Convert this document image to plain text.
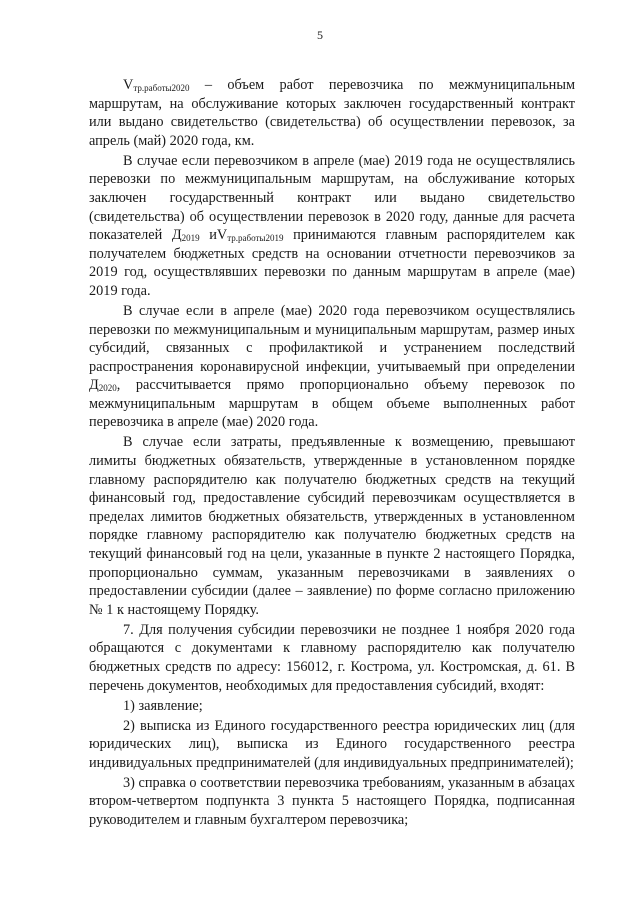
5

$V_{тр.работы2020}$ – объем работ перевозчика по межмуниципальным маршрутам, на обслуживание которых заключен государственный контракт или выдано свидетельство (свидетельства) об осуществлении перевозок, за апрель (май) 2020 года, км.

В случае если перевозчиком в апреле (мае) 2019 года не осуществлялись перевозки по межмуниципальным маршрутам, на обслуживание которых заключен государственный контракт или выдано свидетельство (свидетельства) об осуществлении перевозок в 2020 году, данные для расчета показателей $Д_{2019}$ $иV_{тр.работы2019}$ принимаются главным распорядителем как получателем бюджетных средств на основании отчетности перевозчиков за 2019 год, осуществлявших перевозки по данным маршрутам в апреле (мае) 2019 года.

В случае если в апреле (мае) 2020 года перевозчиком осуществлялись перевозки по межмуниципальным и муниципальным маршрутам, размер иных субсидий, связанных с профилактикой и устранением последствий распространения коронавирусной инфекции, учитываемый при определении $Д_{2020}$, рассчитывается прямо пропорционально объему перевозок по межмуниципальным маршрутам в общем объеме выполненных работ перевозчика в апреле (мае) 2020 года.

В случае если затраты, предъявленные к возмещению, превышают лимиты бюджетных обязательств, утвержденные в установленном порядке главному распорядителю как получателю бюджетных средств на текущий финансовый год, предоставление субсидий перевозчикам осуществляется в пределах лимитов бюджетных обязательств, утвержденных в установленном порядке главному распорядителю как получателю бюджетных средств на текущий финансовый год на цели, указанные в пункте 2 настоящего Порядка, пропорционально суммам, указанным перевозчиками в заявлениях о предоставлении субсидии (далее – заявление) по форме согласно приложению № 1 к настоящему Порядку.

7. Для получения субсидии перевозчики не позднее 1 ноября 2020 года обращаются с документами к главному распорядителю как получателю бюджетных средств по адресу: 156012, г. Кострома, ул. Костромская, д. 61. В перечень документов, необходимых для предоставления субсидий, входят:

1) заявление;

2) выписка из Единого государственного реестра юридических лиц (для юридических лиц), выписка из Единого государственного реестра индивидуальных предпринимателей (для индивидуальных предпринимателей);

3) справка о соответствии перевозчика требованиям, указанным в абзацах втором-четвертом подпункта 3 пункта 5 настоящего Порядка, подписанная руководителем и главным бухгалтером перевозчика;
